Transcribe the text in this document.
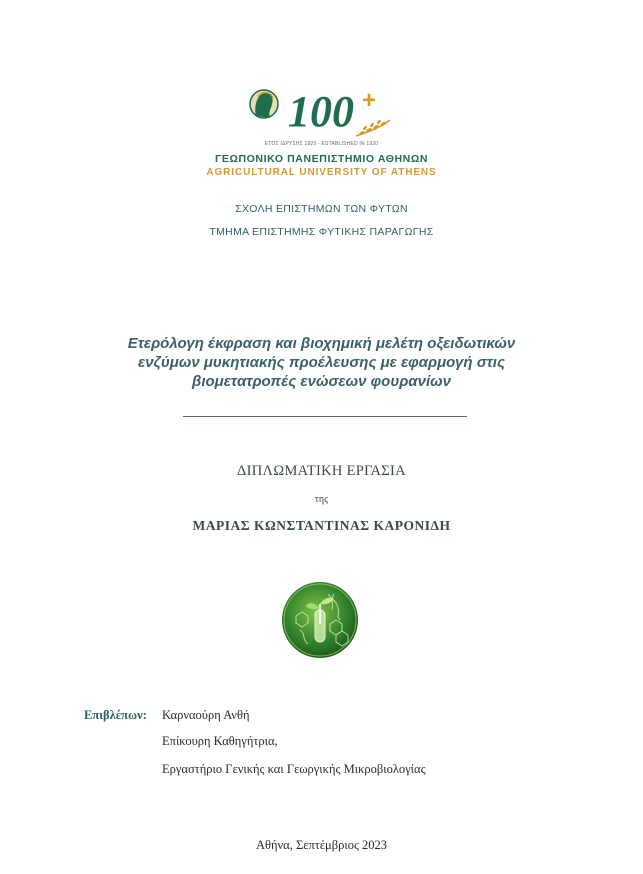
100 +
ΕΤΟΣ ΙΔΡΥΣΗΣ 1920 - ESTABLISHED IN 1920
ΓΕΩΠΟΝΙΚΟ ΠΑΝΕΠΙΣΤΗΜΙΟ ΑΘΗΝΩΝ
AGRICULTURAL UNIVERSITY OF ATHENS
ΣΧΟΛΗ ΕΠΙΣΤΗΜΩΝ ΤΩΝ ΦΥΤΩΝ
ΤΜΗΜΑ ΕΠΙΣΤΗΜΗΣ ΦΥΤΙΚΗΣ ΠΑΡΑΓΩΓΗΣ
Ετερόλογη έκφραση και βιοχημική μελέτη οξειδωτικών
ενζύμων μυκητιακής προέλευσης με εφαρμογή στις
βιομετατροπές ενώσεων φουρανίων
ΔΙΠΛΩΜΑΤΙΚΗ ΕΡΓΑΣΙΑ
της
ΜΑΡΙΑΣ ΚΩΝΣΤΑΝΤΙΝΑΣ ΚΑΡΟΝΙΔΗ
Επιβλέπων: Καρναούρη Ανθή
Επίκουρη Καθηγήτρια,
Εργαστήριο Γενικής και Γεωργικής Μικροβιολογίας
Αθήνα, Σεπτέμβριος 2023
